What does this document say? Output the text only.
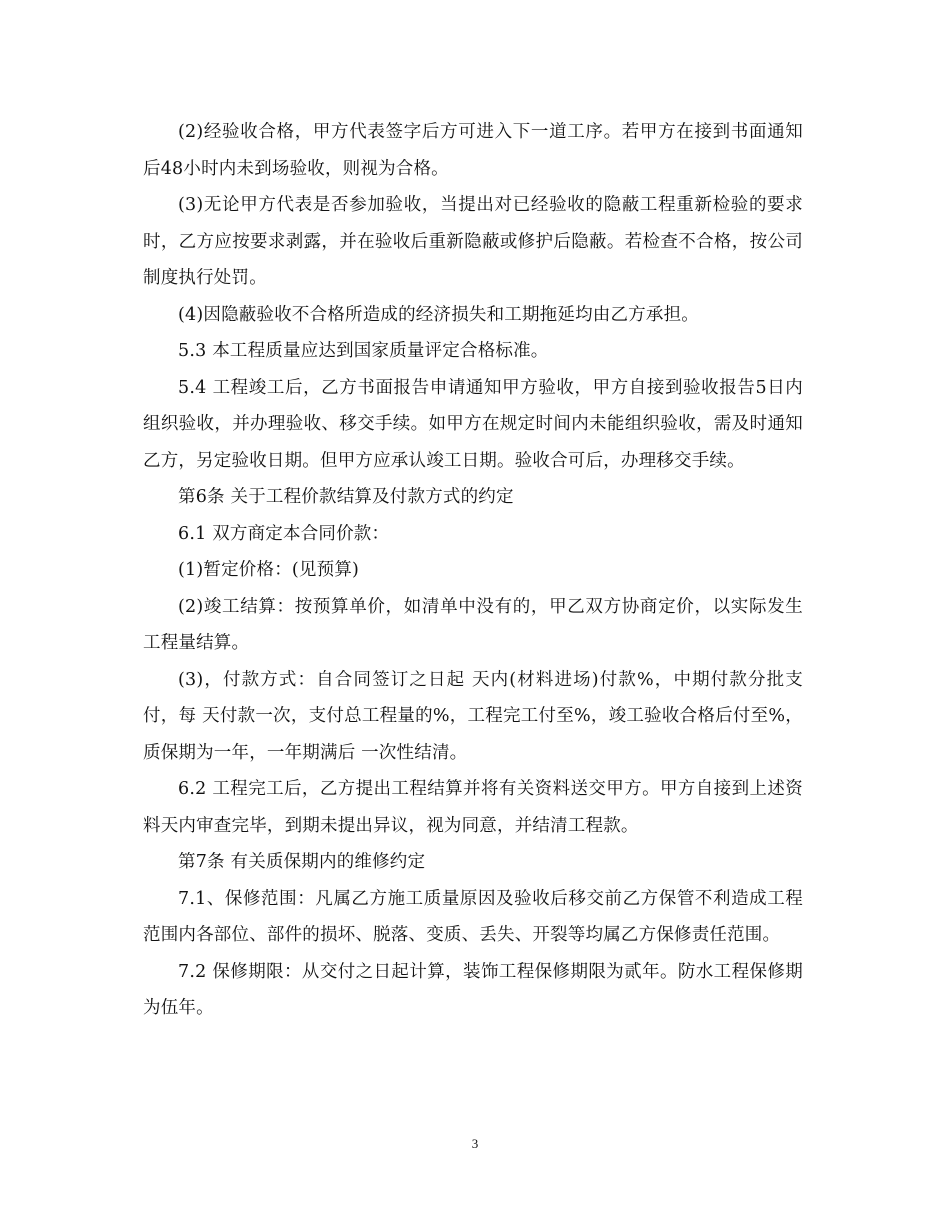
(2)经验收合格，甲方代表签字后方可进入下一道工序。若甲方在接到书面通知后48小时内未到场验收，则视为合格。

(3)无论甲方代表是否参加验收，当提出对已经验收的隐蔽工程重新检验的要求时，乙方应按要求剥露，并在验收后重新隐蔽或修护后隐蔽。若检查不合格，按公司制度执行处罚。

(4)因隐蔽验收不合格所造成的经济损失和工期拖延均由乙方承担。

5.3 本工程质量应达到国家质量评定合格标准。

5.4 工程竣工后，乙方书面报告申请通知甲方验收，甲方自接到验收报告5日内组织验收，并办理验收、移交手续。如甲方在规定时间内未能组织验收，需及时通知乙方，另定验收日期。但甲方应承认竣工日期。验收合可后，办理移交手续。

第6条 关于工程价款结算及付款方式的约定

6.1 双方商定本合同价款：

(1)暂定价格：(见预算)

(2)竣工结算：按预算单价，如清单中没有的，甲乙双方协商定价，以实际发生工程量结算。

(3)，付款方式：自合同签订之日起 天内(材料进场)付款%，中期付款分批支付，每 天付款一次，支付总工程量的%，工程完工付至%，竣工验收合格后付至%，质保期为一年，一年期满后 一次性结清。

6.2 工程完工后，乙方提出工程结算并将有关资料送交甲方。甲方自接到上述资料天内审查完毕，到期未提出异议，视为同意，并结清工程款。

第7条 有关质保期内的维修约定

7.1、保修范围：凡属乙方施工质量原因及验收后移交前乙方保管不利造成工程范围内各部位、部件的损坏、脱落、变质、丢失、开裂等均属乙方保修责任范围。

7.2 保修期限：从交付之日起计算，装饰工程保修期限为贰年。防水工程保修期为伍年。

3
